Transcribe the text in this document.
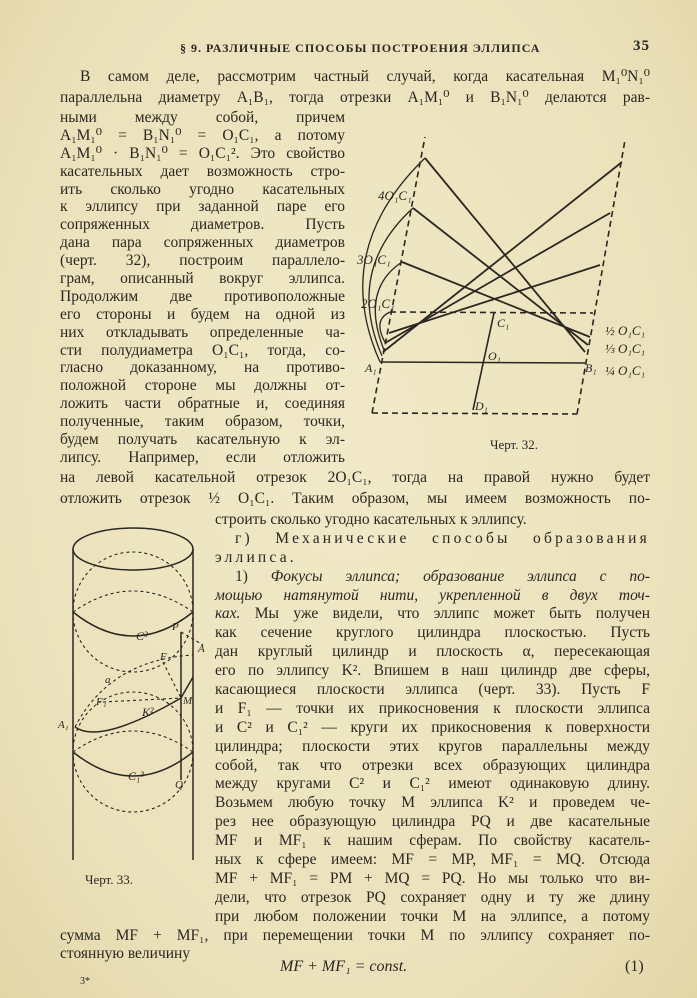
§ 9. РАЗЛИЧНЫЕ СПОСОБЫ ПОСТРОЕНИЯ ЭЛЛИПСА	35
В самом деле, рассмотрим частный случай, когда касательная M₁⁰N₁⁰
параллельна диаметру A₁B₁, тогда отрезки A₁M₁⁰ и B₁N₁⁰ делаются рав-
ными между собой, причем
A₁M₁⁰ = B₁N₁⁰ = O₁C₁, а потому
A₁M₁⁰ · B₁N₁⁰ = O₁C₁². Это свойство
касательных дает возможность стро-
ить сколько угодно касательных
к эллипсу при заданной паре его
сопряженных диаметров. Пусть
дана пара сопряженных диаметров
(черт. 32), построим параллело-
грам, описанный вокруг эллипса.
Продолжим две противоположные
его стороны и будем на одной из
них откладывать определенные ча-
сти полудиаметра O₁C₁, тогда, со-
гласно доказанному, на противо-
положной стороне мы должны от-
ложить части обратные и, соединяя
полученные, таким образом, точки,
будем получать касательную к эл-
липсу. Например, если отложить
на левой касательной отрезок 2O₁C₁, тогда на правой нужно будет
отложить отрезок ½ O₁C₁. Таким образом, мы имеем возможность по-
строить сколько угодно касательных к эллипсу.
г) Механические способы образования
эллипса.
1) Фокусы эллипса; образование эллипса с по-
мощью натянутой нити, укрепленной в двух точ-
ках. Мы уже видели, что эллипс может быть получен
как сечение круглого цилиндра плоскостью. Пусть
дан круглый цилиндр и плоскость α, пересекающая
его по эллипсу K². Впишем в наш цилиндр две сферы,
касающиеся плоскости эллипса (черт. 33). Пусть F
и F₁ — точки их прикосновения к плоскости эллипса
и C² и C₁² — круги их прикосновения к поверхности
цилиндра; плоскости этих кругов параллельны между
собой, так что отрезки всех образующих цилиндра
между кругами C² и C₁² имеют одинаковую длину.
Возьмем любую точку M эллипса K² и проведем че-
рез нее образующую цилиндра PQ и две касательные
MF и MF₁ к нашим сферам. По свойству касатель-
ных к сфере имеем: MF = MP, MF₁ = MQ. Отсюда
MF + MF₁ = PM + MQ = PQ. Но мы только что ви-
дели, что отрезок PQ сохраняет одну и ту же длину
при любом положении точки M на эллипсе, а потому
сумма MF + MF₁, при перемещении точки M по эллипсу сохраняет по-
стоянную величину
MF + MF₁ = const.	(1)
3*
4O₁C₁
3O₁C₁
2O₁C₁
C₁
O₁
A₁	B₁
D₁
½ O₁C₁
⅓ O₁C₁
¼ O₁C₁
Черт. 32.
C²
P
A
F
a
F₁	M
K²
A₁
C₁²
Q
Черт. 33.
